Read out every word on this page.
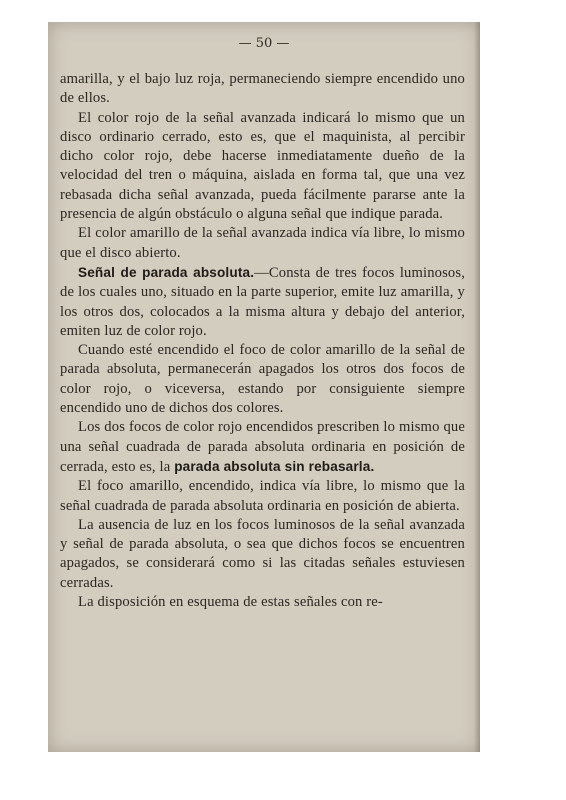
— 50 —

amarilla, y el bajo luz roja, permaneciendo siempre encendido uno de ellos.

El color rojo de la señal avanzada indicará lo mismo que un disco ordinario cerrado, esto es, que el maquinista, al percibir dicho color rojo, debe hacerse inmediatamente dueño de la velocidad del tren o máquina, aislada en forma tal, que una vez rebasada dicha señal avanzada, pueda fácilmente pararse ante la presencia de algún obstáculo o alguna señal que indique parada.

El color amarillo de la señal avanzada indica vía libre, lo mismo que el disco abierto.

Señal de parada absoluta.—Consta de tres focos luminosos, de los cuales uno, situado en la parte superior, emite luz amarilla, y los otros dos, colocados a la misma altura y debajo del anterior, emiten luz de color rojo.

Cuando esté encendido el foco de color amarillo de la señal de parada absoluta, permanecerán apagados los otros dos focos de color rojo, o viceversa, estando por consiguiente siempre encendido uno de dichos dos colores.

Los dos focos de color rojo encendidos prescriben lo mismo que una señal cuadrada de parada absoluta ordinaria en posición de cerrada, esto es, la parada absoluta sin rebasarla.

El foco amarillo, encendido, indica vía libre, lo mismo que la señal cuadrada de parada absoluta ordinaria en posición de abierta.

La ausencia de luz en los focos luminosos de la señal avanzada y señal de parada absoluta, o sea que dichos focos se encuentren apagados, se considerará como si las citadas señales estuviesen cerradas.

La disposición en esquema de estas señales con re-
